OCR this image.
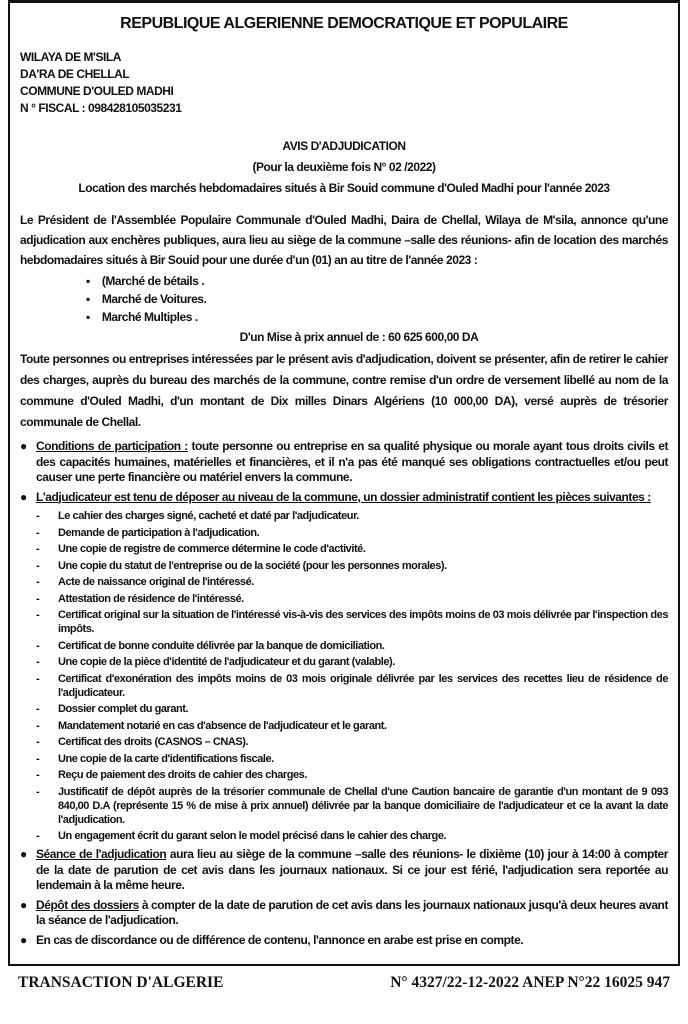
REPUBLIQUE ALGERIENNE DEMOCRATIQUE ET POPULAIRE
WILAYA DE M'SILA
DA'RA DE CHELLAL
COMMUNE D'OULED MADHI
N ° FISCAL : 098428105035231
AVIS D'ADJUDICATION
(Pour la deuxième fois N° 02 /2022)
Location des marchés hebdomadaires situés à Bir Souid commune d'Ouled Madhi pour l'année 2023
Le Président de l'Assemblée Populaire Communale d'Ouled Madhi, Daira de Chellal, Wilaya de M'sila, annonce qu'une adjudication aux enchères publiques, aura lieu au siège de la commune –salle des réunions- afin de location des marchés hebdomadaires situés à Bir Souid pour une durée d'un (01) an au titre de l'année 2023 :
▪ (Marché de bétails .
▪ Marché de Voitures.
▪ Marché Multiples .
D'un Mise à prix annuel de : 60 625 600,00 DA
Toute personnes ou entreprises intéressées par le présent avis d'adjudication, doivent se présenter, afin de retirer le cahier des charges, auprès du bureau des marchés de la commune, contre remise d'un ordre de versement libellé au nom de la commune d'Ouled Madhi, d'un montant de Dix milles Dinars Algériens (10 000,00 DA), versé auprès de trésorier communale de Chellal.
● Conditions de participation : toute personne ou entreprise en sa qualité physique ou morale ayant tous droits civils et des capacités humaines, matérielles et financières, et il n'a pas été manqué ses obligations contractuelles et/ou peut causer une perte financière ou matériel envers la commune.
● L'adjudicateur est tenu de déposer au niveau de la commune, un dossier administratif contient les pièces suivantes :
- Le cahier des charges signé, cacheté et daté par l'adjudicateur.
- Demande de participation à l'adjudication.
- Une copie de registre de commerce détermine le code d'activité.
- Une copie du statut de l'entreprise ou de la société (pour les personnes morales).
- Acte de naissance original de l'intéressé.
- Attestation de résidence de l'intéressé.
- Certificat original sur la situation de l'intéressé vis-à-vis des services des impôts moins de 03 mois délivrée par l'inspection des impôts.
- Certificat de bonne conduite délivrée par la banque de domiciliation.
- Une copie de la pièce d'identité de l'adjudicateur et du garant (valable).
- Certificat d'exonération des impôts moins de 03 mois originale délivrée par les services des recettes lieu de résidence de l'adjudicateur.
- Dossier complet du garant.
- Mandatement notarié en cas d'absence de l'adjudicateur et le garant.
- Certificat des droits (CASNOS – CNAS).
- Une copie de la carte d'identifications fiscale.
- Reçu de paiement des droits de cahier des charges.
- Justificatif de dépôt auprès de la trésorier communale de Chellal d'une Caution bancaire de garantie d'un montant de 9 093 840,00 D.A (représente 15 % de mise à prix annuel) délivrée par la banque domiciliaire de l'adjudicateur et ce la avant la date l'adjudication.
- Un engagement écrit du garant selon le model précisé dans le cahier des charge.
● Séance de l'adjudication aura lieu au siège de la commune –salle des réunions- le dixième (10) jour à 14:00 à compter de la date de parution de cet avis dans les journaux nationaux. Si ce jour est férié, l'adjudication sera reportée au lendemain à la même heure.
● Dépôt des dossiers à compter de la date de parution de cet avis dans les journaux nationaux jusqu'à deux heures avant la séance de l'adjudication.
● En cas de discordance ou de différence de contenu, l'annonce en arabe est prise en compte.
TRANSACTION D'ALGERIE	N° 4327/22-12-2022 ANEP N°22 16025 947
